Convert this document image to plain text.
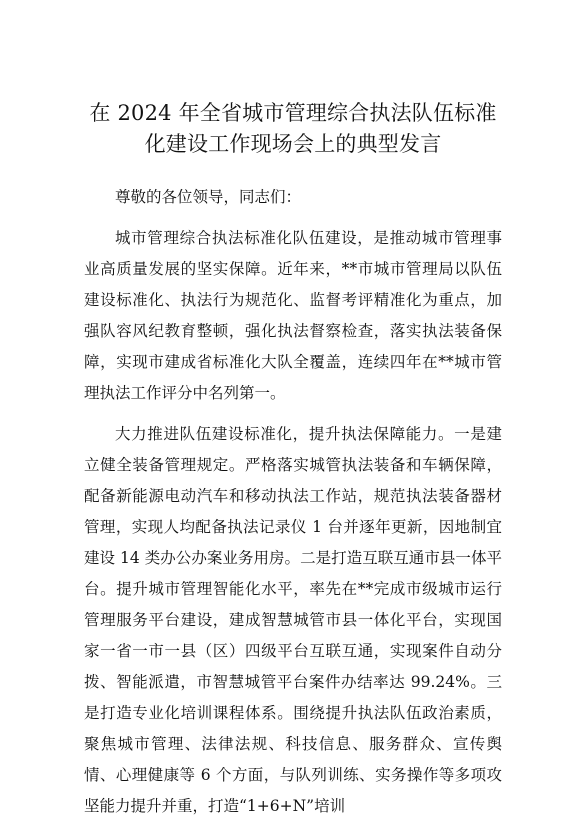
在 2024 年全省城市管理综合执法队伍标准化建设工作现场会上的典型发言

尊敬的各位领导，同志们：

城市管理综合执法标准化队伍建设，是推动城市管理事业高质量发展的坚实保障。近年来，**市城市管理局以队伍建设标准化、执法行为规范化、监督考评精准化为重点，加强队容风纪教育整顿，强化执法督察检查，落实执法装备保障，实现市建成省标准化大队全覆盖，连续四年在**城市管理执法工作评分中名列第一。

大力推进队伍建设标准化，提升执法保障能力。一是建立健全装备管理规定。严格落实城管执法装备和车辆保障，配备新能源电动汽车和移动执法工作站，规范执法装备器材管理，实现人均配备执法记录仪 1 台并逐年更新，因地制宜建设 14 类办公办案业务用房。二是打造互联互通市县一体平台。提升城市管理智能化水平，率先在**完成市级城市运行管理服务平台建设，建成智慧城管市县一体化平台，实现国家一省一市一县（区）四级平台互联互通，实现案件自动分拨、智能派遣，市智慧城管平台案件办结率达 99.24%。三是打造专业化培训课程体系。围绕提升执法队伍政治素质，聚焦城市管理、法律法规、科技信息、服务群众、宣传舆情、心理健康等 6 个方面，与队列训练、实务操作等多项攻坚能力提升并重，打造“1+6+N”培训
